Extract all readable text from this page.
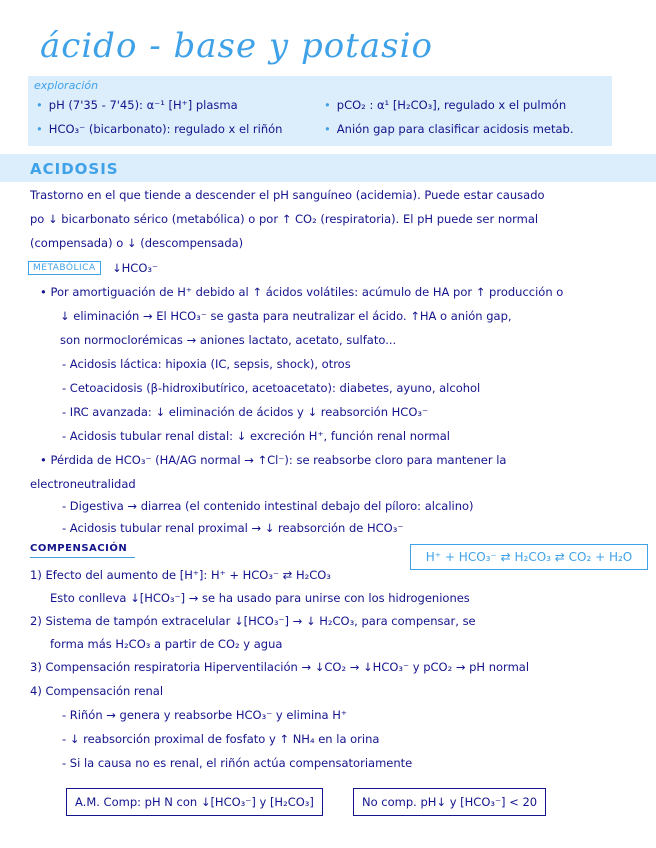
ácido - base y potasio
exploración
• pH (7'35 - 7'45): α⁻¹ [H⁺] plasma	• pCO₂ : α¹ [H₂CO₃], regulado x el pulmón
• HCO₃⁻ (bicarbonato): regulado x el riñón	• Anión gap para clasificar acidosis metab.
ACIDOSIS
Trastorno en el que tiende a descender el pH sanguíneo (acidemia). Puede estar causado
po ↓ bicarbonato sérico (metabólica) o por ↑ CO₂ (respiratoria). El pH puede ser normal
(compensada) o ↓ (descompensada)
METABÓLICA	↓HCO₃⁻
• Por amortiguación de H⁺ debido al ↑ ácidos volátiles: acúmulo de HA por ↑ producción o
↓ eliminación → El HCO₃⁻ se gasta para neutralizar el ácido. ↑HA o anión gap,
son normoclorémicas → aniones lactato, acetato, sulfato...
- Acidosis láctica: hipoxia (IC, sepsis, shock), otros
- Cetoacidosis (β-hidroxibutírico, acetoacetato): diabetes, ayuno, alcohol
- IRC avanzada: ↓ eliminación de ácidos y ↓ reabsorción HCO₃⁻
- Acidosis tubular renal distal: ↓ excreción H⁺, función renal normal
• Pérdida de HCO₃⁻ (HA/AG normal → ↑Cl⁻): se reabsorbe cloro para mantener la
electroneutralidad
- Digestiva → diarrea (el contenido intestinal debajo del píloro: alcalino)
- Acidosis tubular renal proximal → ↓ reabsorción de HCO₃⁻
COMPENSACIÓN
H⁺ + HCO₃⁻ ⇄ H₂CO₃ ⇄ CO₂ + H₂O
1) Efecto del aumento de [H⁺]: H⁺ + HCO₃⁻ ⇄ H₂CO₃
Esto conlleva ↓[HCO₃⁻] → se ha usado para unirse con los hidrogeniones
2) Sistema de tampón extracelular ↓[HCO₃⁻] → ↓ H₂CO₃, para compensar, se
forma más H₂CO₃ a partir de CO₂ y agua
3) Compensación respiratoria Hiperventilación → ↓CO₂ → ↓HCO₃⁻ y pCO₂ → pH normal
4) Compensación renal
- Riñón → genera y reabsorbe HCO₃⁻ y elimina H⁺
- ↓ reabsorción proximal de fosfato y ↑ NH₄ en la orina
- Si la causa no es renal, el riñón actúa compensatoriamente
A.M. Comp: pH N con ↓[HCO₃⁻] y [H₂CO₃]	No comp. pH↓ y [HCO₃⁻] < 20
